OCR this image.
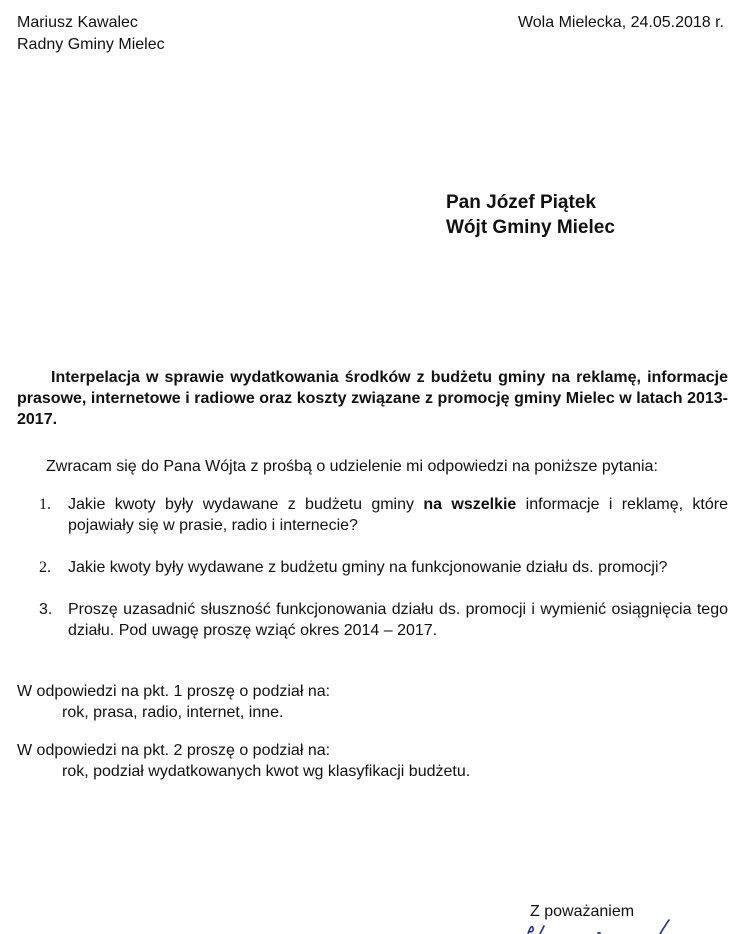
Mariusz Kawalec
Radny Gminy Mielec
Wola Mielecka, 24.05.2018 r.
Pan Józef Piątek
Wójt Gminy Mielec
Interpelacja w sprawie wydatkowania środków z budżetu gminy na reklamę, informacje prasowe, internetowe i radiowe oraz koszty związane z promocję gminy Mielec w latach 2013-2017.
Zwracam się do Pana Wójta z prośbą o udzielenie mi odpowiedzi na poniższe pytania:
1. Jakie kwoty były wydawane z budżetu gminy na wszelkie informacje i reklamę, które pojawiały się w prasie, radio i internecie?
2. Jakie kwoty były wydawane z budżetu gminy na funkcjonowanie działu ds. promocji?
3. Proszę uzasadnić słuszność funkcjonowania działu ds. promocji i wymienić osiągnięcia tego działu. Pod uwagę proszę wziąć okres 2014 – 2017.
W odpowiedzi na pkt. 1 proszę o podział na:
rok, prasa, radio, internet, inne.
W odpowiedzi na pkt. 2 proszę o podział na:
rok, podział wydatkowanych kwot wg klasyfikacji budżetu.
Z poważaniem
